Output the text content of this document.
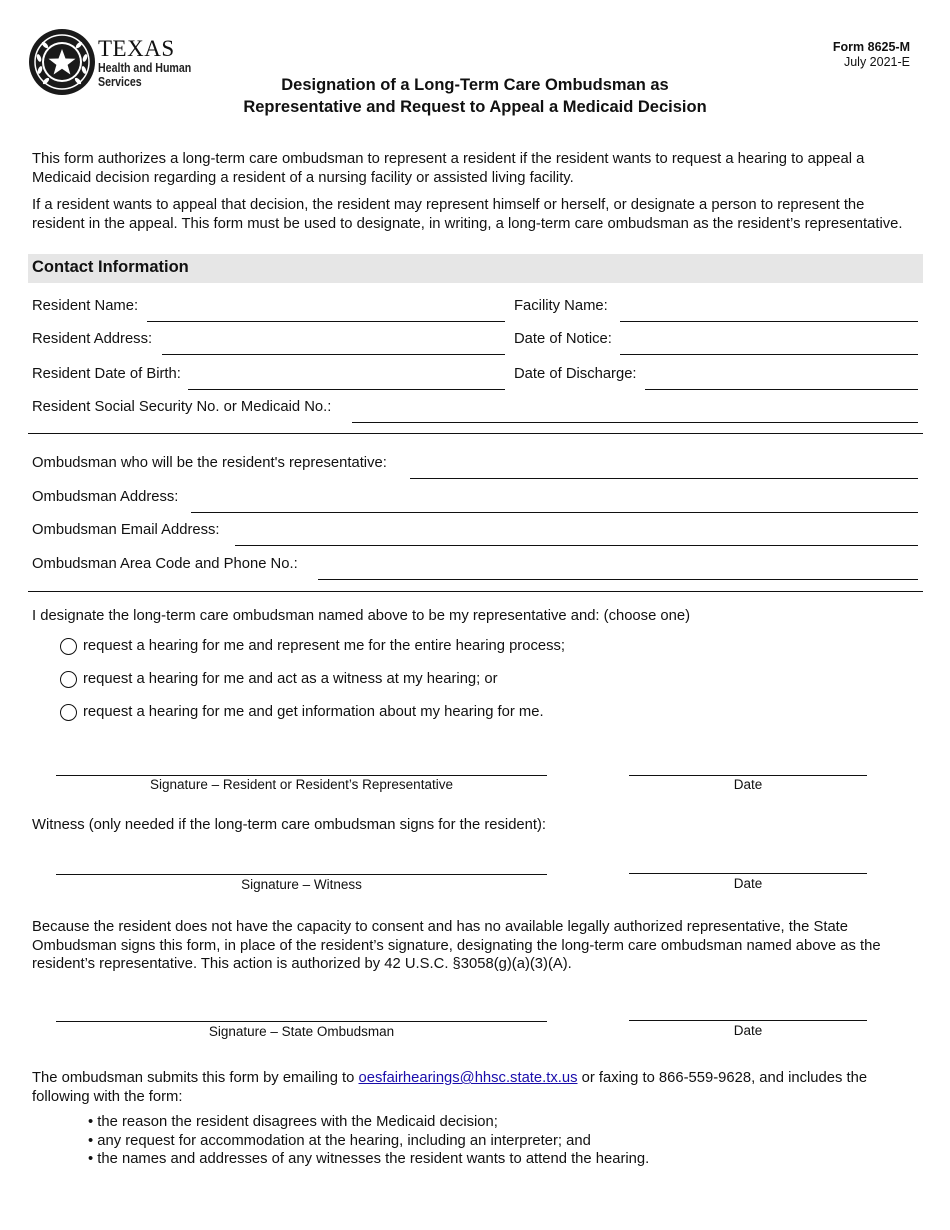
TEXAS
Health and Human
Services
Form 8625-M
July 2021-E
Designation of a Long-Term Care Ombudsman as
Representative and Request to Appeal a Medicaid Decision
This form authorizes a long-term care ombudsman to represent a resident if the resident wants to request a hearing to appeal a Medicaid decision regarding a resident of a nursing facility or assisted living facility.
If a resident wants to appeal that decision, the resident may represent himself or herself, or designate a person to represent the resident in the appeal. This form must be used to designate, in writing, a long-term care ombudsman as the resident’s representative.
Contact Information
Resident Name:	Facility Name:
Resident Address:	Date of Notice:
Resident Date of Birth:	Date of Discharge:
Resident Social Security No. or Medicaid No.:
Ombudsman who will be the resident's representative:
Ombudsman Address:
Ombudsman Email Address:
Ombudsman Area Code and Phone No.:
I designate the long-term care ombudsman named above to be my representative and: (choose one)
request a hearing for me and represent me for the entire hearing process;
request a hearing for me and act as a witness at my hearing; or
request a hearing for me and get information about my hearing for me.
Signature – Resident or Resident’s Representative	Date
Witness (only needed if the long-term care ombudsman signs for the resident):
Signature – Witness	Date
Because the resident does not have the capacity to consent and has no available legally authorized representative, the State Ombudsman signs this form, in place of the resident’s signature, designating the long-term care ombudsman named above as the resident’s representative. This action is authorized by 42 U.S.C. §3058(g)(a)(3)(A).
Signature – State Ombudsman	Date
The ombudsman submits this form by emailing to oesfairhearings@hhsc.state.tx.us or faxing to 866-559-9628, and includes the following with the form:
• the reason the resident disagrees with the Medicaid decision;
• any request for accommodation at the hearing, including an interpreter; and
• the names and addresses of any witnesses the resident wants to attend the hearing.
